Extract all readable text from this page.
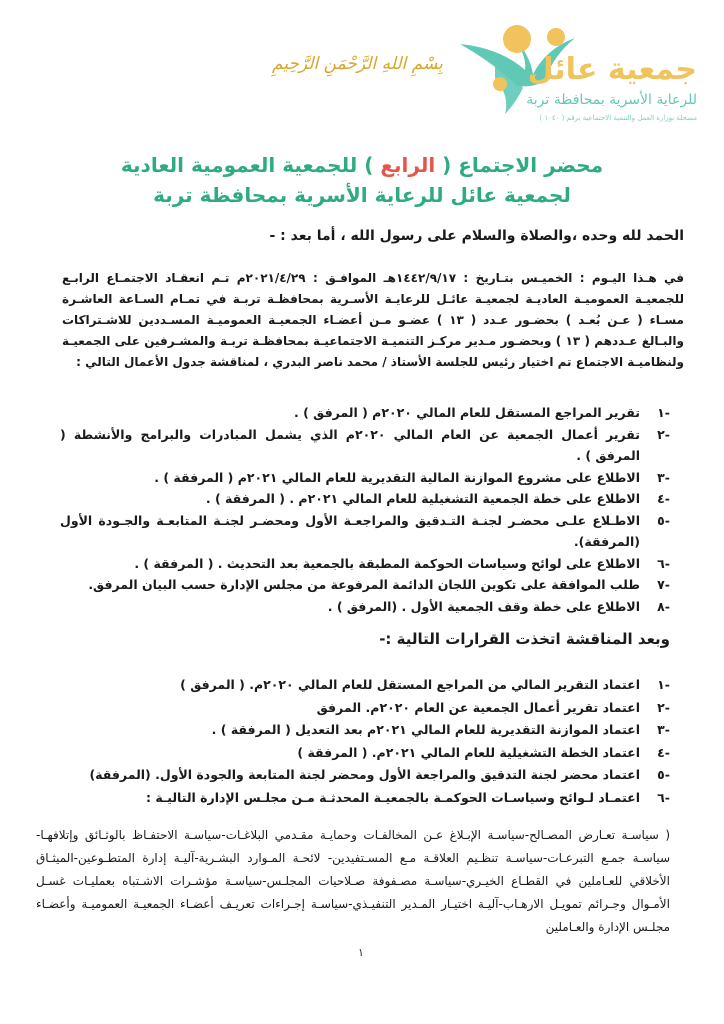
جمعية عائل
للرعاية الأسرية بمحافظة تربة
مسجلة بوزارة العمل والتنمية الاجتماعية برقم ( ١٠٤٠ )
بِسْمِ اللهِ الرَّحْمَنِ الرَّحِيمِ
محضر الاجتماع ( الرابع ) للجمعية العمومية العادية
لجمعية عائل للرعاية الأسرية بمحافظة تربة
الحمد لله وحده ،والصلاة والسلام على رسول الله ، أما بعد : -
في هـذا اليـوم : الخميـس بتـاريخ : ١٤٤٢/٩/١٧هـ الموافـق : ٢٠٢١/٤/٢٩م تـم انعقـاد الاجتمـاع الرابـع للجمعيـة العموميـة العاديـة لجمعيـة عائـل للرعايـة الأسـرية بمحافظـة تربـة في تمـام السـاعة العاشـرة مسـاء ( عـن بُعـد ) بحضـور عـدد ( ١٣ ) عضـو مـن أعضـاء الجمعيـة العموميـة المسـددين للاشـتراكات والبـالغ عـددهم ( ١٣ ) وبحضـور مـدير مركـز التنميـة الاجتماعيـة بمحافظـة تربـة والمشـرفين على الجمعيـة ولنظاميـة الاجتماع تم اختيار رئيس للجلسة الأستاذ / محمد ناصر البدري ، لمناقشة جدول الأعمال التالي :
-١
تقرير المراجع المستقل للعام المالي ٢٠٢٠م ( المرفق ) .
-٢
تقرير أعمال الجمعية عن العام المالي ٢٠٢٠م الذي يشمل المبادرات والبرامج والأنشطة ( المرفق ) .
-٣
الاطلاع على مشروع الموازنة المالية التقديرية للعام المالي ٢٠٢١م ( المرفقة ) .
-٤
الاطلاع على خطة الجمعية التشغيلية للعام المالي ٢٠٢١م . ( المرفقة ) .
-٥
الاطـلاع علـى محضـر لجنـة التـدقيق والمراجعـة الأول ومحضـر لجنـة المتابعـة والجـودة الأول (المرفقة).
-٦
الاطلاع على لوائح وسياسات الحوكمة المطبقة بالجمعية بعد التحديث . ( المرفقة ) .
-٧
طلب الموافقة على تكوين اللجان الدائمة المرفوعة من مجلس الإدارة حسب البيان المرفق.
-٨
الاطلاع على خطة وقف الجمعية الأول . (المرفق ) .
وبعد المناقشة اتخذت القرارات التالية :-
-١
اعتماد التقرير المالي من المراجع المستقل للعام المالي ٢٠٢٠م. ( المرفق )
-٢
اعتماد تقرير أعمال الجمعية عن العام ٢٠٢٠م. المرفق
-٣
اعتماد الموازنة التقديرية للعام المالي ٢٠٢١م بعد التعديل ( المرفقة ) .
-٤
اعتماد الخطة التشغيلية للعام المالي ٢٠٢١م. ( المرفقة )
-٥
اعتماد محضر لجنة التدقيق والمراجعة الأول ومحضر لجنة المتابعة والجودة الأول. (المرفقة)
-٦
اعتمـاد لـوائح وسياسـات الحوكمـة بالجمعيـة المحدثـة مـن مجلـس الإدارة التاليـة :
( سياسـة تعـارض المصـالح-سياسـة الإبـلاغ عـن المخالفـات وحمايـة مقـدمي البلاغـات-سياسـة الاحتفـاظ بالوثـائق وإتلافهـا-سياسـة جمـع التبرعـات-سياسـة تنظـيم العلاقـة مـع المسـتفيدين- لائحـة المـوارد البشـرية-آليـة إدارة المتطـوعين-الميثـاق الأخلاقي للعـاملين في القطـاع الخيـري-سياسـة مصـفوفة صـلاحيات المجلـس-سياسـة مؤشـرات الاشـتباه بعمليـات غسـل الأمـوال وجـرائم تمويـل الارهـاب-آليـة اختيـار المـدير التنفيـذي-سياسـة إجـراءات تعريـف أعضـاء الجمعيـة العموميـة وأعضـاء مجلـس الإدارة والعـاملين
١
